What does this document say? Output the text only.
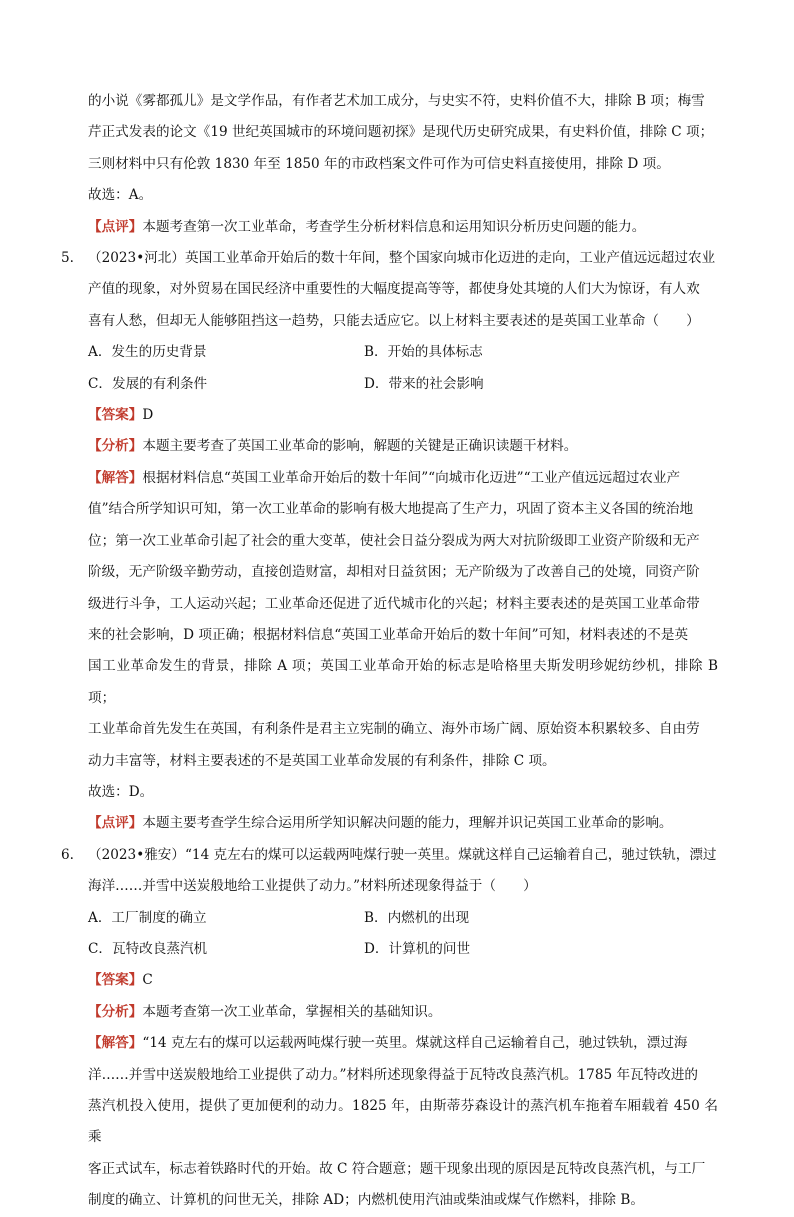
的小说《雾都孤儿》是文学作品，有作者艺术加工成分，与史实不符，史料价值不大，排除 B 项；梅雪

芹正式发表的论文《19 世纪英国城市的环境问题初探》是现代历史研究成果，有史料价值，排除 C 项；

三则材料中只有伦敦 1830 年至 1850 年的市政档案文件可作为可信史料直接使用，排除 D 项。

故选：A。

【点评】本题考查第一次工业革命，考查学生分析材料信息和运用知识分析历史问题的能力。

5. （2023•河北）英国工业革命开始后的数十年间，整个国家向城市化迈进的走向，工业产值远远超过农业

产值的现象，对外贸易在国民经济中重要性的大幅度提高等等，都使身处其境的人们大为惊讶，有人欢

喜有人愁，但却无人能够阻挡这一趋势，只能去适应它。以上材料主要表述的是英国工业革命（　　）

A．发生的历史背景	B．开始的具体标志
C．发展的有利条件	D．带来的社会影响

【答案】D

【分析】本题主要考查了英国工业革命的影响，解题的关键是正确识读题干材料。

【解答】根据材料信息“英国工业革命开始后的数十年间”“向城市化迈进”“工业产值远远超过农业产

值”结合所学知识可知，第一次工业革命的影响有极大地提高了生产力，巩固了资本主义各国的统治地

位；第一次工业革命引起了社会的重大变革，使社会日益分裂成为两大对抗阶级即工业资产阶级和无产

阶级，无产阶级辛勤劳动，直接创造财富，却相对日益贫困；无产阶级为了改善自己的处境，同资产阶

级进行斗争，工人运动兴起；工业革命还促进了近代城市化的兴起；材料主要表述的是英国工业革命带

来的社会影响，D 项正确；根据材料信息“英国工业革命开始后的数十年间”可知，材料表述的不是英

国工业革命发生的背景，排除 A 项；英国工业革命开始的标志是哈格里夫斯发明珍妮纺纱机，排除 B 项；

工业革命首先发生在英国，有利条件是君主立宪制的确立、海外市场广阔、原始资本积累较多、自由劳

动力丰富等，材料主要表述的不是英国工业革命发展的有利条件，排除 C 项。

故选：D。

【点评】本题主要考查学生综合运用所学知识解决问题的能力，理解并识记英国工业革命的影响。

6. （2023•雅安）“14 克左右的煤可以运载两吨煤行驶一英里。煤就这样自己运输着自己，驰过铁轨，漂过

海洋……并雪中送炭般地给工业提供了动力。”材料所述现象得益于（　　）

A．工厂制度的确立	B．内燃机的出现
C．瓦特改良蒸汽机	D．计算机的问世

【答案】C

【分析】本题考查第一次工业革命，掌握相关的基础知识。

【解答】“14 克左右的煤可以运载两吨煤行驶一英里。煤就这样自己运输着自己，驰过铁轨，漂过海

洋……并雪中送炭般地给工业提供了动力。”材料所述现象得益于瓦特改良蒸汽机。1785 年瓦特改进的

蒸汽机投入使用，提供了更加便利的动力。1825 年，由斯蒂芬森设计的蒸汽机车拖着车厢载着 450 名乘

客正式试车，标志着铁路时代的开始。故 C 符合题意；题干现象出现的原因是瓦特改良蒸汽机，与工厂

制度的确立、计算机的问世无关，排除 AD；内燃机使用汽油或柴油或煤气作燃料，排除 B。
